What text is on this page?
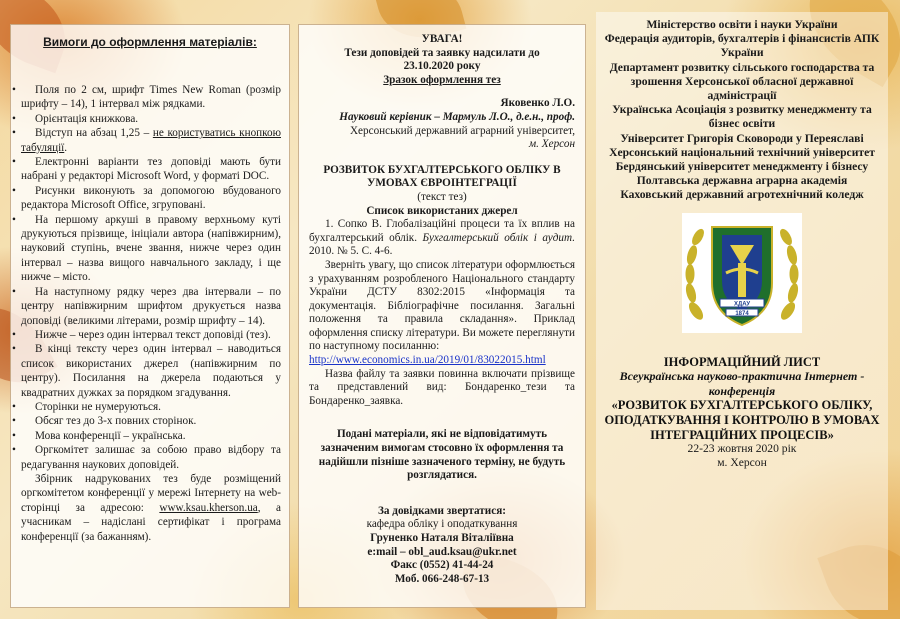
Вимоги до оформлення матеріалів:
• Поля по 2 см, шрифт Times New Roman (розмір шрифту – 14), 1 інтервал між рядками.
• Орієнтація книжкова.
• Відступ на абзац 1,25 – не користуватись кнопкою табуляції.
• Електронні варіанти тез доповіді мають бути набрані у редакторі Microsoft Word, у форматі DOC.
• Рисунки виконують за допомогою вбудованого редактора Microsoft Office, згруповані.
• На першому аркуші в правому верхньому куті друкуються прізвище, ініціали автора (напівжирним), науковий ступінь, вчене звання, нижче через один інтервал – назва вищого навчального закладу, і ще нижче – місто.
• На наступному рядку через два інтервали – по центру напівжирним шрифтом друкується назва доповіді (великими літерами, розмір шрифту – 14).
• Нижче – через один інтервал текст доповіді (тез).
• В кінці тексту через один інтервал – наводиться список використаних джерел (напівжирним по центру). Посилання на джерела подаються у квадратних дужках за порядком згадування.
• Сторінки не нумеруються.
• Обсяг тез до 3-х повних сторінок.
• Мова конференції – українська.
• Оргкомітет залишає за собою право відбору та редагування наукових доповідей.

Збірник надрукованих тез буде розміщений оргкомітетом конференції у мережі Інтернету на web-сторінці за адресою: www.ksau.kherson.ua, а учасникам – надіслані сертифікат і програма конференції (за бажанням).

УВАГА!
Тези доповідей та заявку надсилати до 23.10.2020 року
Зразок оформлення тез
Яковенко Л.О.
Науковий керівник – Мармуль Л.О., д.е.н., проф.
Херсонський державний аграрний університет,
м. Херсон
РОЗВИТОК БУХГАЛТЕРСЬКОГО ОБЛІКУ В УМОВАХ ЄВРОІНТЕГРАЦІЇ
(текст тез)
Список використаних джерел
1. Сопко В. Глобалізаційні процеси та їх вплив на бухгалтерський облік. Бухгалтерський облік і аудит. 2010. № 5. С. 4-6.
Зверніть увагу, що список літератури оформлюється з урахуванням розробленого Національного стандарту України ДСТУ 8302:2015 «Інформація та документація. Бібліографічне посилання. Загальні положення та правила складання». Приклад оформлення списку літератури. Ви можете переглянути по наступному посиланню:
http://www.economics.in.ua/2019/01/83022015.html
Назва файлу та заявки повинна включати прізвище та представлений вид: Бондаренко_тези та Бондаренко_заявка.
Подані матеріали, які не відповідатимуть зазначеним вимогам стосовно їх оформлення та надійшли пізніше зазначеного терміну, не будуть розглядатися.
За довідками звертатися:
кафедра обліку і оподаткування
Груненко Наталя Віталіївна
e:mail – obl_aud.ksau@ukr.net
Факс (0552) 41-44-24
Моб. 066-248-67-13
Міністерство освіти і науки України
Федерація аудиторів, бухгалтерів і фінансистів АПК України
Департамент розвитку сільського господарства та зрошення Херсонської обласної державної адміністрації
Українська Асоціація з розвитку менеджменту та бізнес освіти
Університет Григорія Сковороди у Переяславі
Херсонський національний технічний університет
Бердянський університет менеджменту і бізнесу
Полтавська державна аграрна академія
Каховський державний агротехнічний коледж
ХДАУ
1874
ІНФОРМАЦІЙНИЙ ЛИСТ
Всеукраїнська науково-практична Інтернет - конференція
«РОЗВИТОК БУХГАЛТЕРСЬКОГО ОБЛІКУ, ОПОДАТКУВАННЯ І КОНТРОЛЮ В УМОВАХ ІНТЕГРАЦІЙНИХ ПРОЦЕСІВ»
22-23 жовтня 2020 рік
м. Херсон
